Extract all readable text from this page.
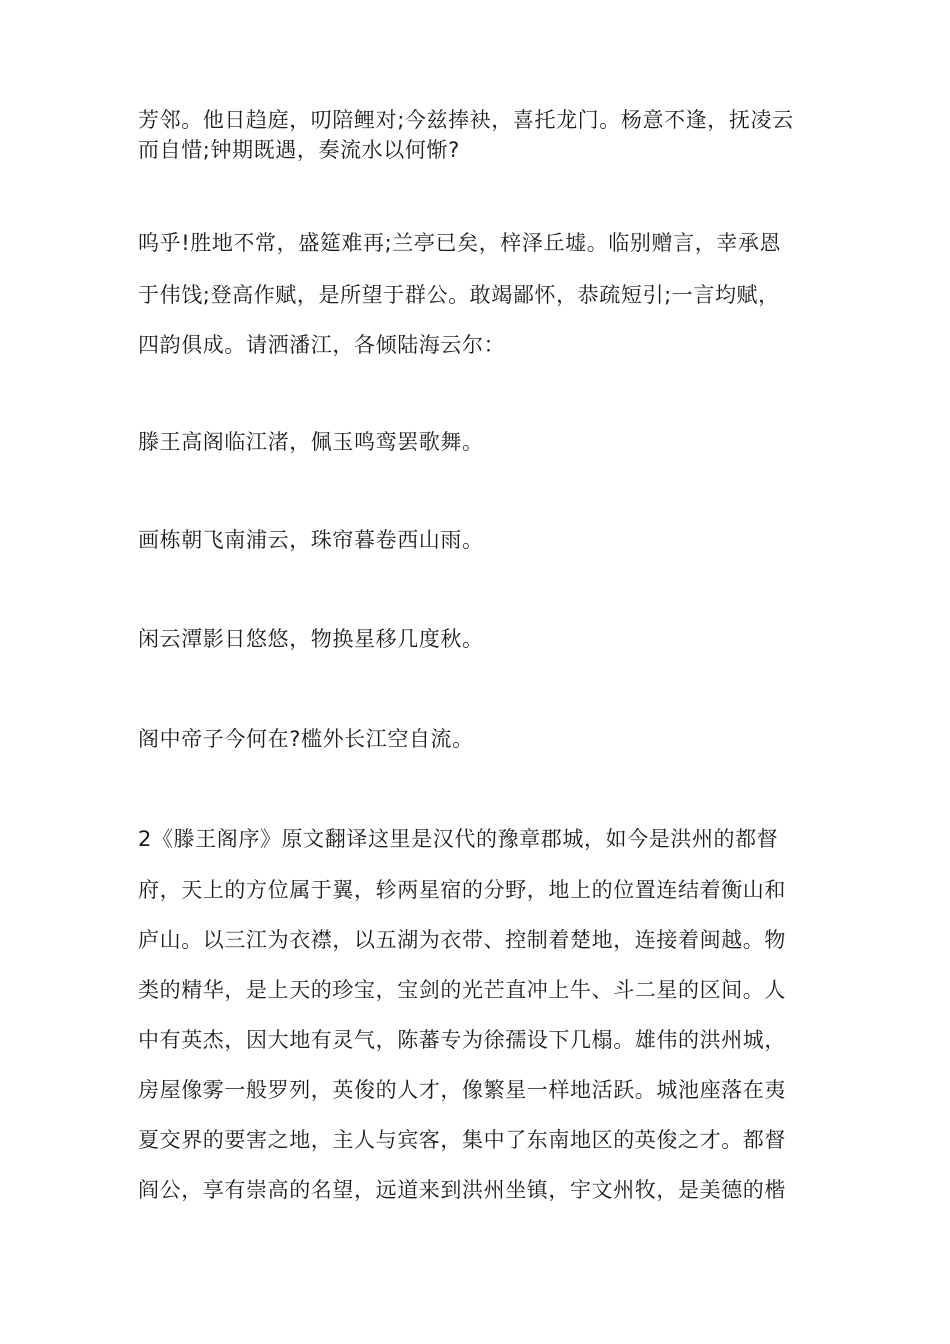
芳邻。他日趋庭，叨陪鲤对;今兹捧袂，喜托龙门。杨意不逢，抚凌云
而自惜;钟期既遇，奏流水以何惭?
呜乎!胜地不常，盛筵难再;兰亭已矣，梓泽丘墟。临别赠言，幸承恩
于伟饯;登高作赋，是所望于群公。敢竭鄙怀，恭疏短引;一言均赋，
四韵俱成。请洒潘江，各倾陆海云尔：
滕王高阁临江渚，佩玉鸣鸾罢歌舞。
画栋朝飞南浦云，珠帘暮卷西山雨。
闲云潭影日悠悠，物换星移几度秋。
阁中帝子今何在?槛外长江空自流。
2《滕王阁序》原文翻译这里是汉代的豫章郡城，如今是洪州的都督
府，天上的方位属于翼，轸两星宿的分野，地上的位置连结着衡山和
庐山。以三江为衣襟，以五湖为衣带、控制着楚地，连接着闽越。物
类的精华，是上天的珍宝，宝剑的光芒直冲上牛、斗二星的区间。人
中有英杰，因大地有灵气，陈蕃专为徐孺设下几榻。雄伟的洪州城，
房屋像雾一般罗列，英俊的人才，像繁星一样地活跃。城池座落在夷
夏交界的要害之地，主人与宾客，集中了东南地区的英俊之才。都督
阎公，享有崇高的名望，远道来到洪州坐镇，宇文州牧，是美德的楷
